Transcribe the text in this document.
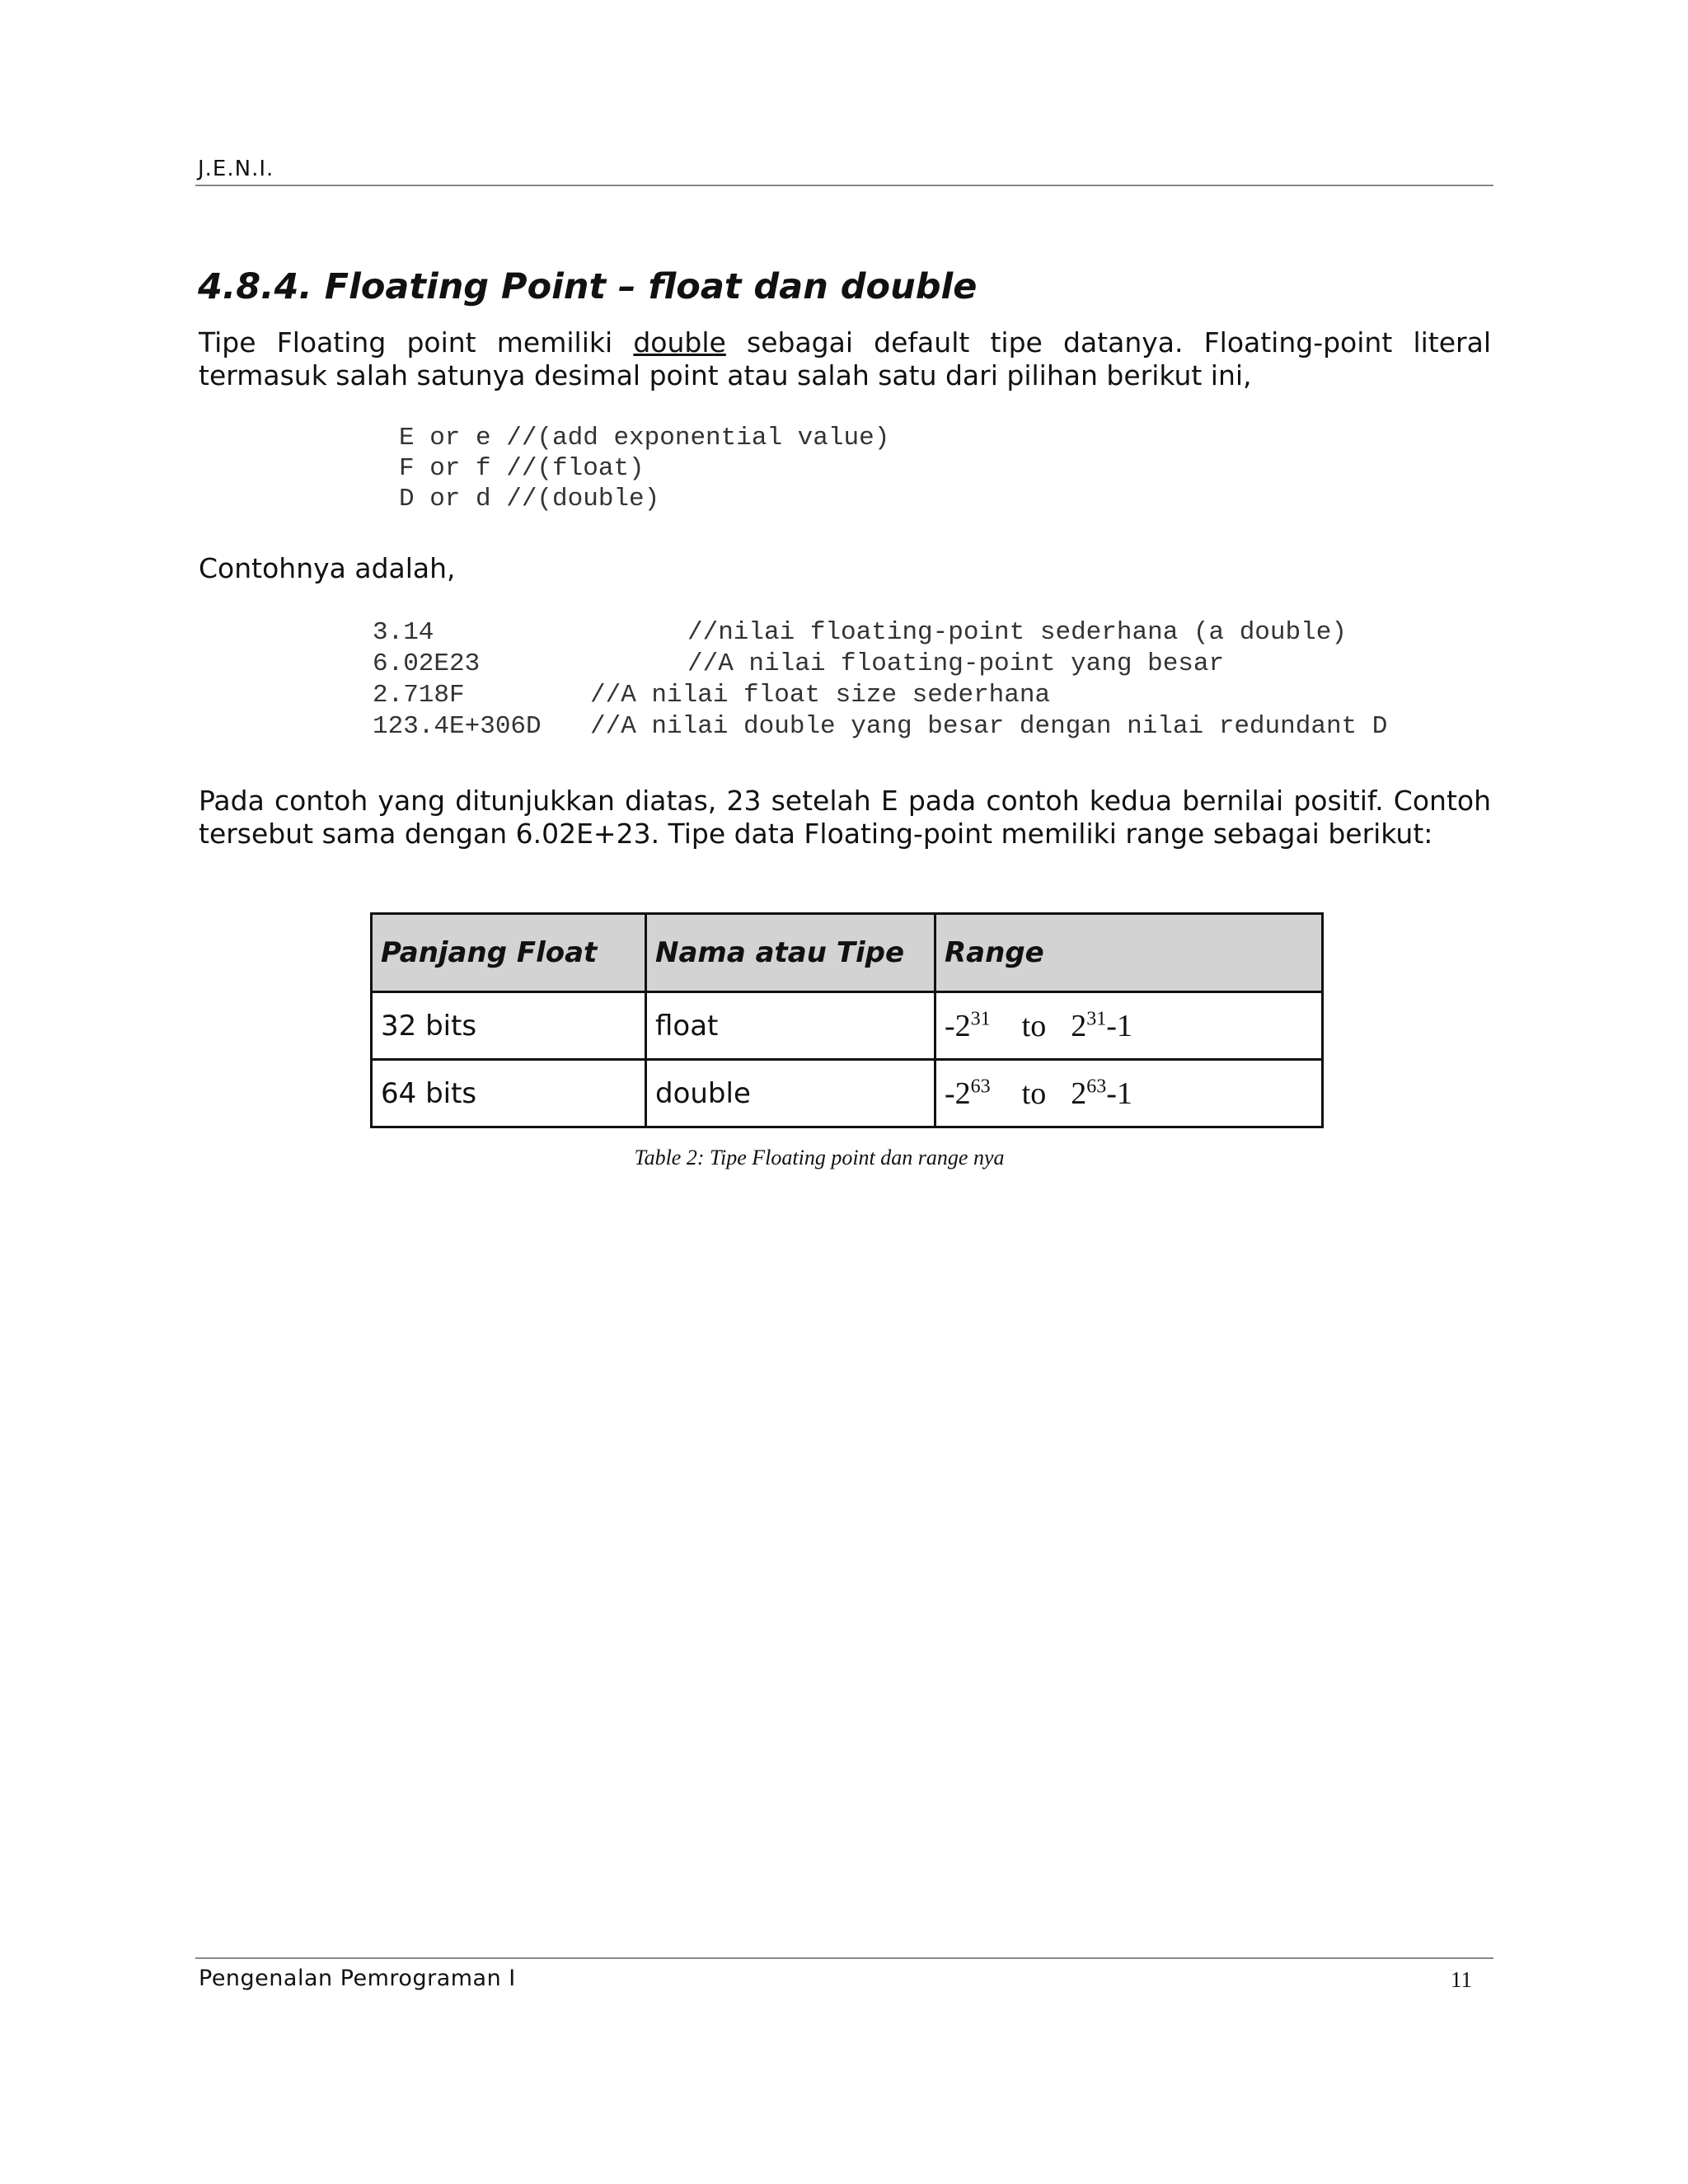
J.E.N.I.
4.8.4. Floating Point – float dan double
Tipe Floating point memiliki double sebagai default tipe datanya. Floating-point literal termasuk salah satunya desimal point atau salah satu dari pilihan berikut ini,
E or e //(add exponential value)
F or f //(float)
D or d //(double)
Contohnya adalah,
3.14	//nilai floating-point sederhana (a double)
6.02E23	//A nilai floating-point yang besar
2.718F	//A nilai float size sederhana
123.4E+306D //A nilai double yang besar dengan nilai redundant D
Pada contoh yang ditunjukkan diatas, 23 setelah E pada contoh kedua bernilai positif. Contoh tersebut sama dengan 6.02E+23. Tipe data Floating-point memiliki range sebagai berikut:
Panjang Float	Nama atau Tipe	Range
32 bits	float	$-2^{31}$ to $2^{31}-1$
64 bits	double	$-2^{63}$ to $2^{63}-1$
Table 2: Tipe Floating point dan range nya
Pengenalan Pemrograman I	11
